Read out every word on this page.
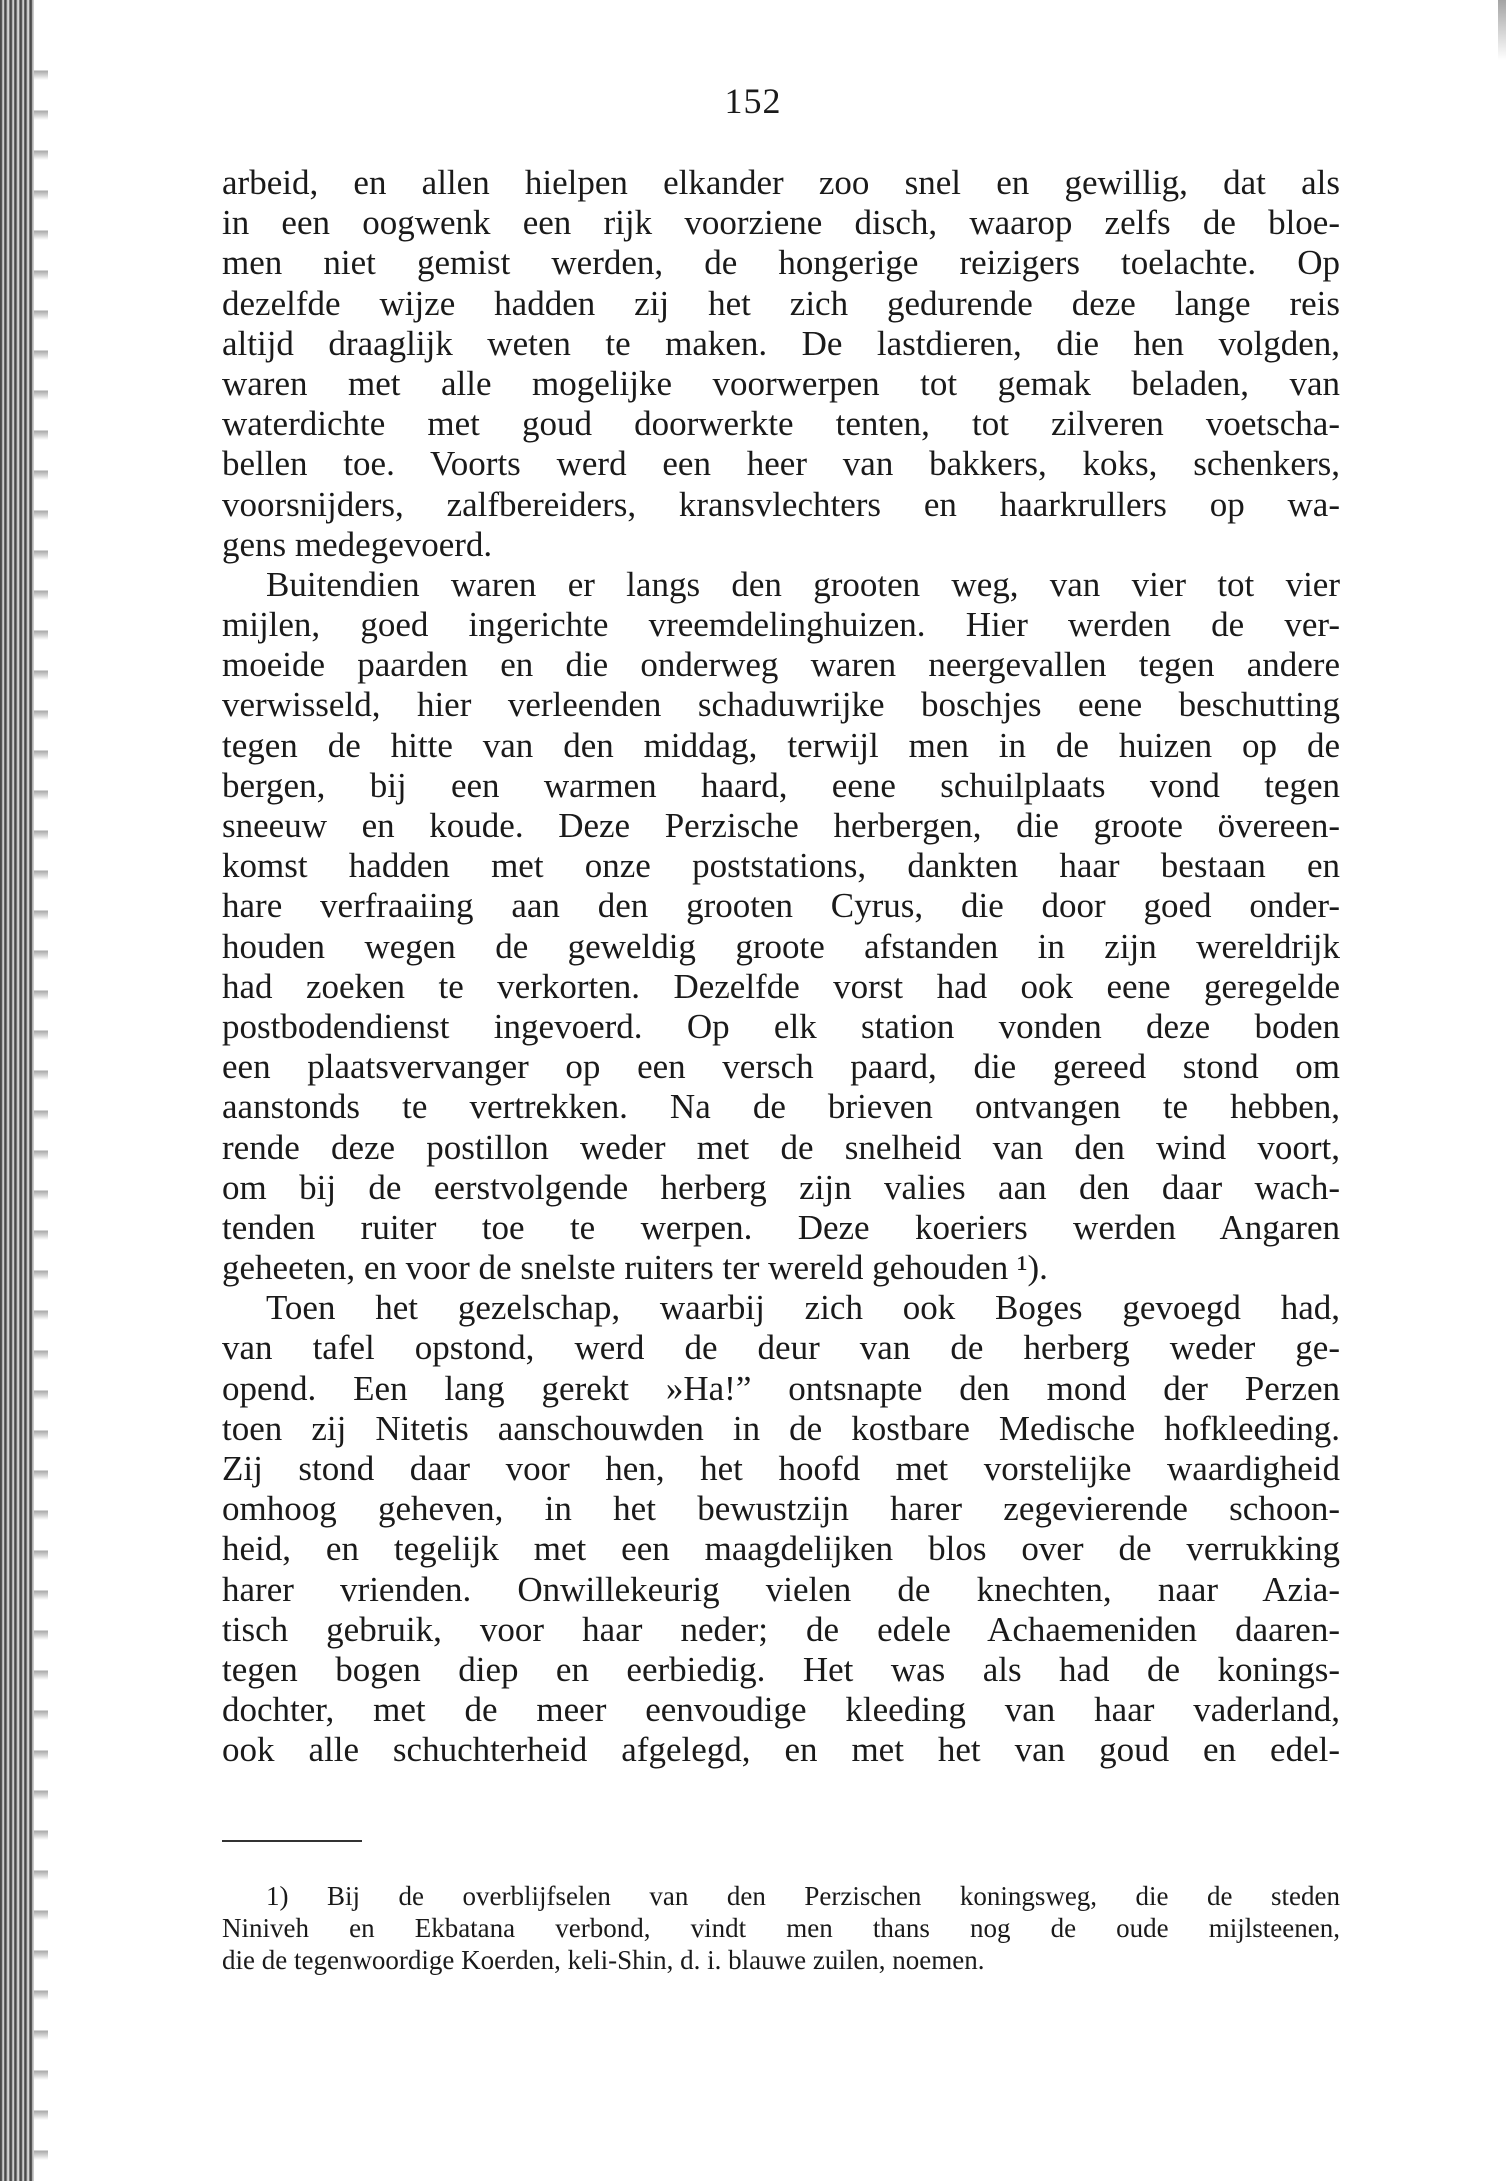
152
arbeid, en allen hielpen elkander zoo snel en gewillig, dat als
in een oogwenk een rijk voorziene disch, waarop zelfs de bloe-
men niet gemist werden, de hongerige reizigers toelachte. Op
dezelfde wijze hadden zij het zich gedurende deze lange reis
altijd draaglijk weten te maken. De lastdieren, die hen volgden,
waren met alle mogelijke voorwerpen tot gemak beladen, van
waterdichte met goud doorwerkte tenten, tot zilveren voetscha-
bellen toe. Voorts werd een heer van bakkers, koks, schenkers,
voorsnijders, zalfbereiders, kransvlechters en haarkrullers op wa-
gens medegevoerd.
Buitendien waren er langs den grooten weg, van vier tot vier
mijlen, goed ingerichte vreemdelinghuizen. Hier werden de ver-
moeide paarden en die onderweg waren neergevallen tegen andere
verwisseld, hier verleenden schaduwrijke boschjes eene beschutting
tegen de hitte van den middag, terwijl men in de huizen op de
bergen, bij een warmen haard, eene schuilplaats vond tegen
sneeuw en koude. Deze Perzische herbergen, die groote övereen-
komst hadden met onze poststations, dankten haar bestaan en
hare verfraaiing aan den grooten Cyrus, die door goed onder-
houden wegen de geweldig groote afstanden in zijn wereldrijk
had zoeken te verkorten. Dezelfde vorst had ook eene geregelde
postbodendienst ingevoerd. Op elk station vonden deze boden
een plaatsvervanger op een versch paard, die gereed stond om
aanstonds te vertrekken. Na de brieven ontvangen te hebben,
rende deze postillon weder met de snelheid van den wind voort,
om bij de eerstvolgende herberg zijn valies aan den daar wach-
tenden ruiter toe te werpen. Deze koeriers werden Angaren
geheeten, en voor de snelste ruiters ter wereld gehouden ¹).
Toen het gezelschap, waarbij zich ook Boges gevoegd had,
van tafel opstond, werd de deur van de herberg weder ge-
opend. Een lang gerekt »Ha!” ontsnapte den mond der Perzen
toen zij Nitetis aanschouwden in de kostbare Medische hofkleeding.
Zij stond daar voor hen, het hoofd met vorstelijke waardigheid
omhoog geheven, in het bewustzijn harer zegevierende schoon-
heid, en tegelijk met een maagdelijken blos over de verrukking
harer vrienden. Onwillekeurig vielen de knechten, naar Azia-
tisch gebruik, voor haar neder; de edele Achaemeniden daaren-
tegen bogen diep en eerbiedig. Het was als had de konings-
dochter, met de meer eenvoudige kleeding van haar vaderland,
ook alle schuchterheid afgelegd, en met het van goud en edel-
1) Bij de overblijfselen van den Perzischen koningsweg, die de steden
Niniveh en Ekbatana verbond, vindt men thans nog de oude mijlsteenen,
die de tegenwoordige Koerden, keli-Shin, d. i. blauwe zuilen, noemen.
